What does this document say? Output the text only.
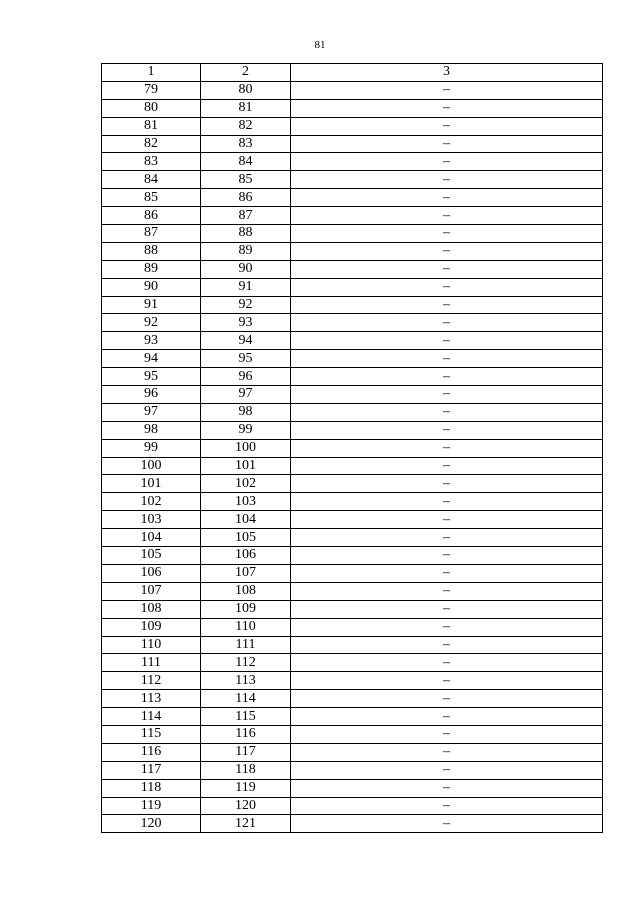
81
1	2	3
79	80	–
80	81	–
81	82	–
82	83	–
83	84	–
84	85	–
85	86	–
86	87	–
87	88	–
88	89	–
89	90	–
90	91	–
91	92	–
92	93	–
93	94	–
94	95	–
95	96	–
96	97	–
97	98	–
98	99	–
99	100	–
100	101	–
101	102	–
102	103	–
103	104	–
104	105	–
105	106	–
106	107	–
107	108	–
108	109	–
109	110	–
110	111	–
111	112	–
112	113	–
113	114	–
114	115	–
115	116	–
116	117	–
117	118	–
118	119	–
119	120	–
120	121	–
